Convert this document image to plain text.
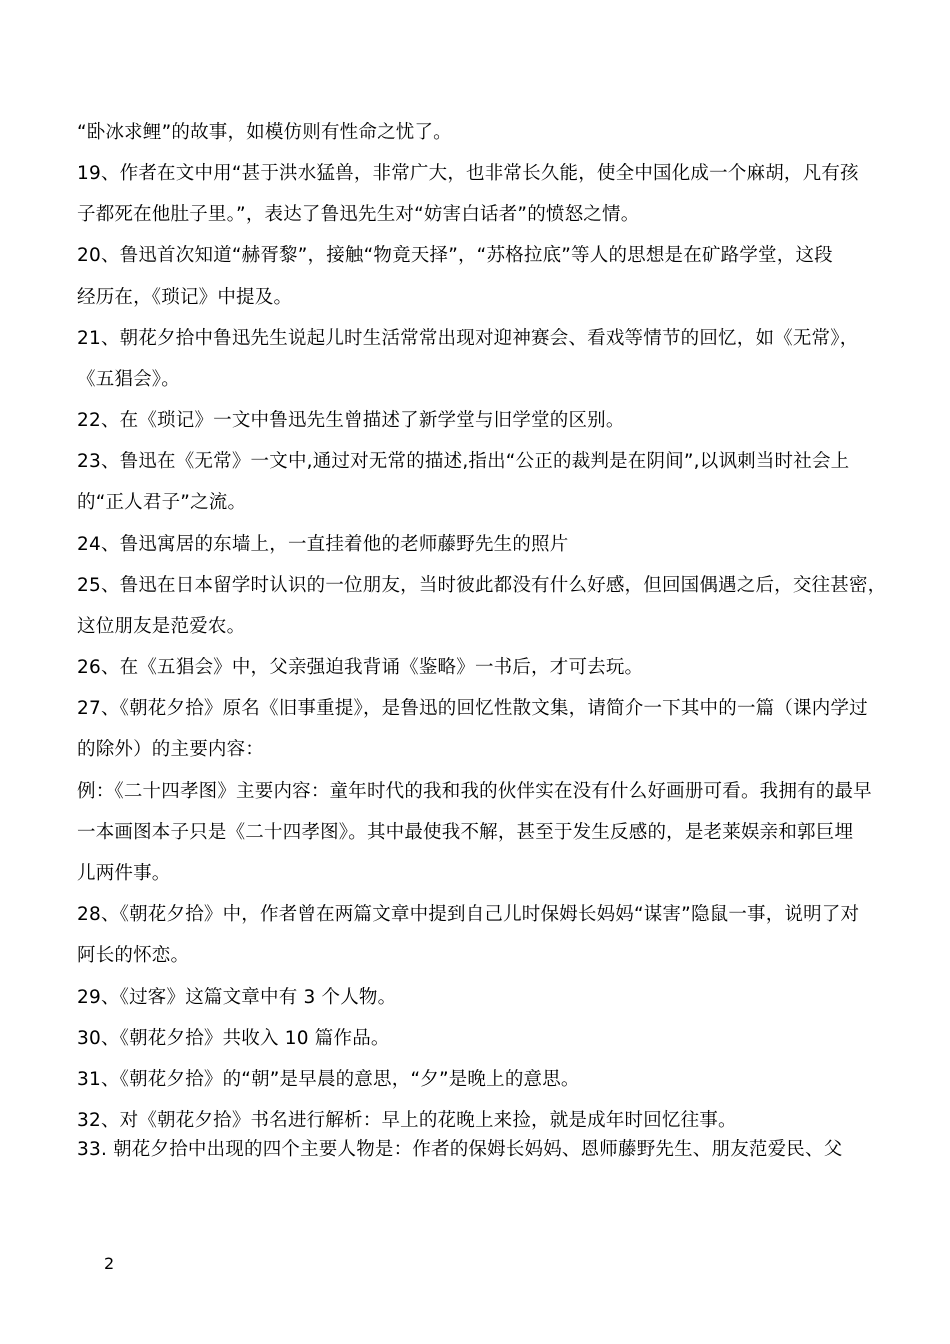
“卧冰求鲤”的故事，如模仿则有性命之忧了。
19、作者在文中用“甚于洪水猛兽，非常广大，也非常长久能，使全中国化成一个麻胡，凡有孩
子都死在他肚子里。”，表达了鲁迅先生对“妨害白话者”的愤怒之情。
20、鲁迅首次知道“赫胥黎”，接触“物竟天择”，“苏格拉底”等人的思想是在矿路学堂，这段
经历在，《琐记》中提及。
21、朝花夕拾中鲁迅先生说起儿时生活常常出现对迎神赛会、看戏等情节的回忆，如《无常》，
《五猖会》。
22、在《琐记》一文中鲁迅先生曾描述了新学堂与旧学堂的区别。
23、鲁迅在《无常》一文中,通过对无常的描述,指出“公正的裁判是在阴间”,以讽刺当时社会上
的“正人君子”之流。
24、鲁迅寓居的东墙上，一直挂着他的老师藤野先生的照片
25、鲁迅在日本留学时认识的一位朋友，当时彼此都没有什么好感，但回国偶遇之后，交往甚密，
这位朋友是范爱农。
26、在《五猖会》中，父亲强迫我背诵《鉴略》一书后，才可去玩。
27、《朝花夕拾》原名《旧事重提》，是鲁迅的回忆性散文集，请简介一下其中的一篇（课内学过
的除外）的主要内容：
例：《二十四孝图》主要内容：童年时代的我和我的伙伴实在没有什么好画册可看。我拥有的最早
一本画图本子只是《二十四孝图》。其中最使我不解，甚至于发生反感的，是老莱娱亲和郭巨埋
儿两件事。
28、《朝花夕拾》中，作者曾在两篇文章中提到自己儿时保姆长妈妈“谋害”隐鼠一事，说明了对
阿长的怀恋。
29、《过客》这篇文章中有 3 个人物。
30、《朝花夕拾》共收入 10 篇作品。
31、《朝花夕拾》的“朝”是早晨的意思，“夕”是晚上的意思。
32、对《朝花夕拾》书名进行解析：早上的花晚上来捡，就是成年时回忆往事。
33. 朝花夕拾中出现的四个主要人物是：作者的保姆长妈妈、恩师藤野先生、朋友范爱民、父
2
